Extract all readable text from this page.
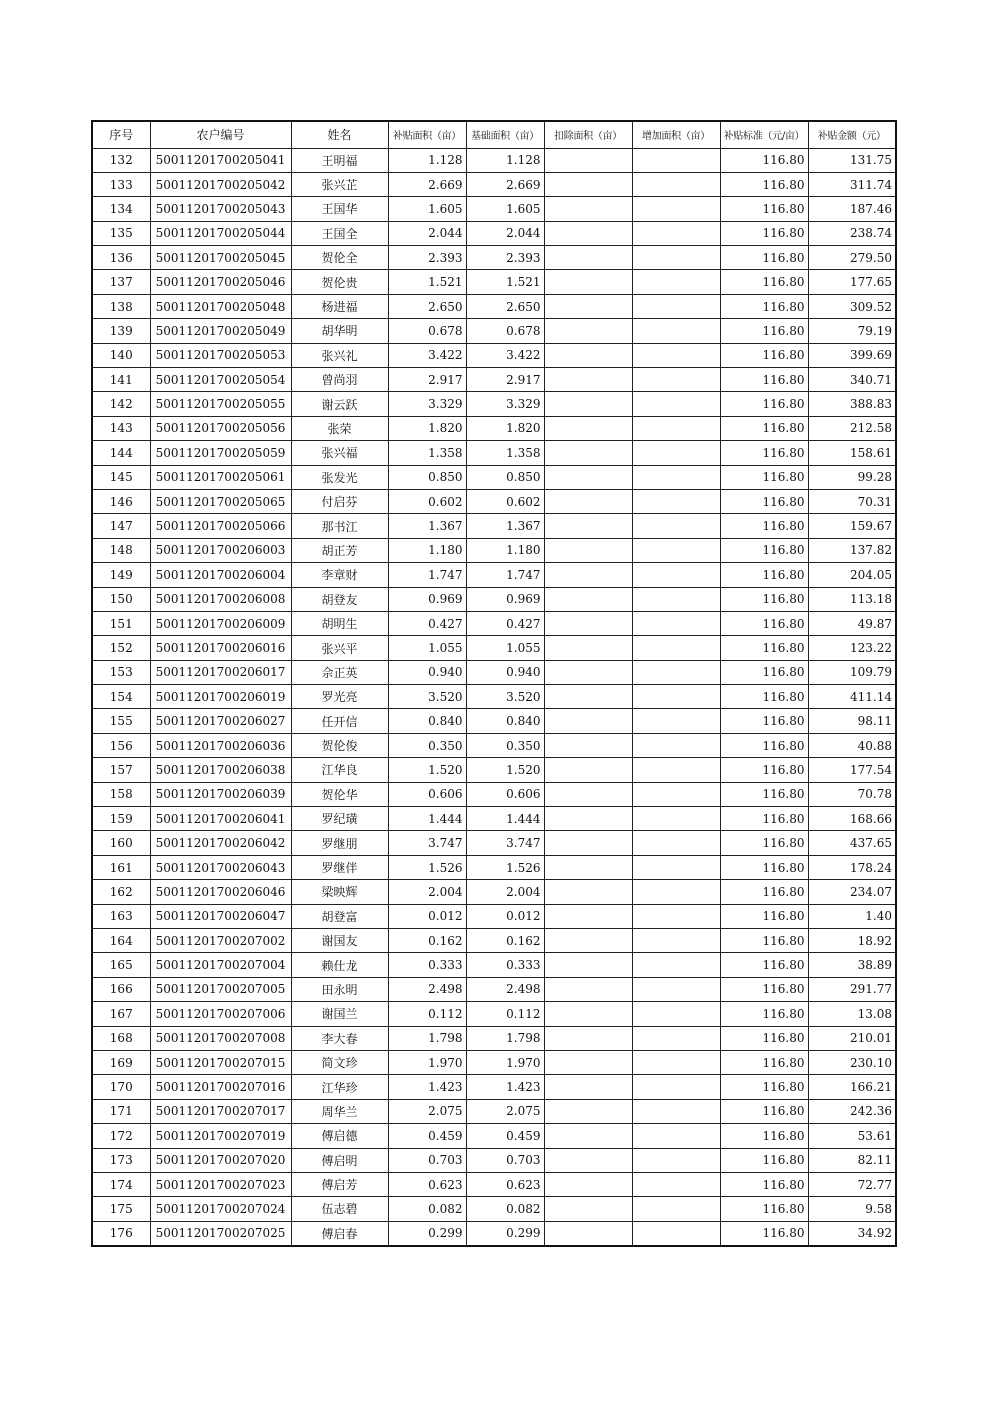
序号	农户编号	姓名	补贴面积（亩）	基础面积（亩）	扣除面积（亩）	增加面积（亩）	补贴标准（元/亩）	补贴金额（元）
132	50011201700205041	王明福	1.128	1.128			116.80	131.75
133	50011201700205042	张兴芷	2.669	2.669			116.80	311.74
134	50011201700205043	王国华	1.605	1.605			116.80	187.46
135	50011201700205044	王国全	2.044	2.044			116.80	238.74
136	50011201700205045	贺伦全	2.393	2.393			116.80	279.50
137	50011201700205046	贺伦贵	1.521	1.521			116.80	177.65
138	50011201700205048	杨进福	2.650	2.650			116.80	309.52
139	50011201700205049	胡华明	0.678	0.678			116.80	79.19
140	50011201700205053	张兴礼	3.422	3.422			116.80	399.69
141	50011201700205054	曾尚羽	2.917	2.917			116.80	340.71
142	50011201700205055	谢云跃	3.329	3.329			116.80	388.83
143	50011201700205056	张荣	1.820	1.820			116.80	212.58
144	50011201700205059	张兴福	1.358	1.358			116.80	158.61
145	50011201700205061	张发光	0.850	0.850			116.80	99.28
146	50011201700205065	付启芬	0.602	0.602			116.80	70.31
147	50011201700205066	那书江	1.367	1.367			116.80	159.67
148	50011201700206003	胡正芳	1.180	1.180			116.80	137.82
149	50011201700206004	李章财	1.747	1.747			116.80	204.05
150	50011201700206008	胡登友	0.969	0.969			116.80	113.18
151	50011201700206009	胡明生	0.427	0.427			116.80	49.87
152	50011201700206016	张兴平	1.055	1.055			116.80	123.22
153	50011201700206017	佘正英	0.940	0.940			116.80	109.79
154	50011201700206019	罗光亮	3.520	3.520			116.80	411.14
155	50011201700206027	任开信	0.840	0.840			116.80	98.11
156	50011201700206036	贺伦俊	0.350	0.350			116.80	40.88
157	50011201700206038	江华良	1.520	1.520			116.80	177.54
158	50011201700206039	贺伦华	0.606	0.606			116.80	70.78
159	50011201700206041	罗纪璜	1.444	1.444			116.80	168.66
160	50011201700206042	罗继朋	3.747	3.747			116.80	437.65
161	50011201700206043	罗继伴	1.526	1.526			116.80	178.24
162	50011201700206046	梁映辉	2.004	2.004			116.80	234.07
163	50011201700206047	胡登富	0.012	0.012			116.80	1.40
164	50011201700207002	谢国友	0.162	0.162			116.80	18.92
165	50011201700207004	赖仕龙	0.333	0.333			116.80	38.89
166	50011201700207005	田永明	2.498	2.498			116.80	291.77
167	50011201700207006	谢国兰	0.112	0.112			116.80	13.08
168	50011201700207008	李大春	1.798	1.798			116.80	210.01
169	50011201700207015	简文珍	1.970	1.970			116.80	230.10
170	50011201700207016	江华珍	1.423	1.423			116.80	166.21
171	50011201700207017	周华兰	2.075	2.075			116.80	242.36
172	50011201700207019	傅启德	0.459	0.459			116.80	53.61
173	50011201700207020	傅启明	0.703	0.703			116.80	82.11
174	50011201700207023	傅启芳	0.623	0.623			116.80	72.77
175	50011201700207024	伍志碧	0.082	0.082			116.80	9.58
176	50011201700207025	傅启春	0.299	0.299			116.80	34.92
